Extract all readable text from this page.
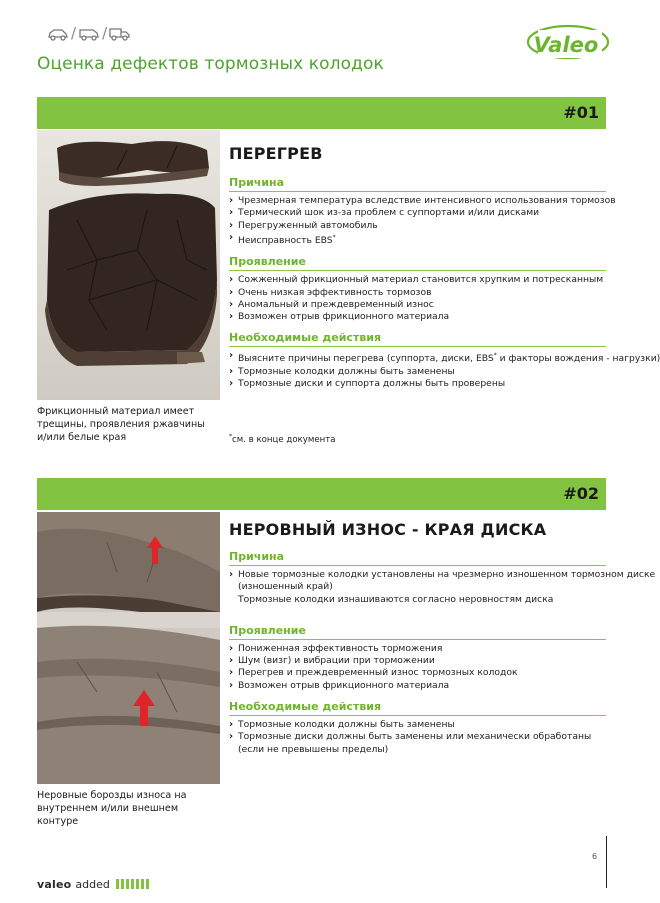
/ /
Оценка дефектов тормозных колодок
Valeo
#01
Фрикционный материал имеет трещины, проявления ржавчины и/или белые края
ПЕРЕГРЕВ
Причина
› Чрезмерная температура вследствие интенсивного использования тормозов
› Термический шок из-за проблем с суппортами и/или дисками
› Перегруженный автомобиль
› Неисправность EBS*
Проявление
› Сожженный фрикционный материал становится хрупким и потресканным
› Очень низкая эффективность тормозов
› Аномальный и преждевременный износ
› Возможен отрыв фрикционного материала
Необходимые действия
› Выясните причины перегрева (суппорта, диски, EBS* и факторы вождения - нагрузки)
› Тормозные колодки должны быть заменены
› Тормозные диски и суппорта должны быть проверены
*см. в конце документа
#02
Неровные борозды износа на внутреннем и/или внешнем контуре
НЕРОВНЫЙ ИЗНОС - КРАЯ ДИСКА
Причина
› Новые тормозные колодки установлены на чрезмерно изношенном тормозном диске
(изношенный край)
Тормозные колодки изнашиваются согласно неровностям диска
Проявление
› Пониженная эффективность торможения
› Шум (визг) и вибрации при торможении
› Перегрев и преждевременный износ тормозных колодок
› Возможен отрыв фрикционного материала
Необходимые действия
› Тормозные колодки должны быть заменены
› Тормозные диски должны быть заменены или механически обработаны
(если не превышены пределы)
6
valeo added
